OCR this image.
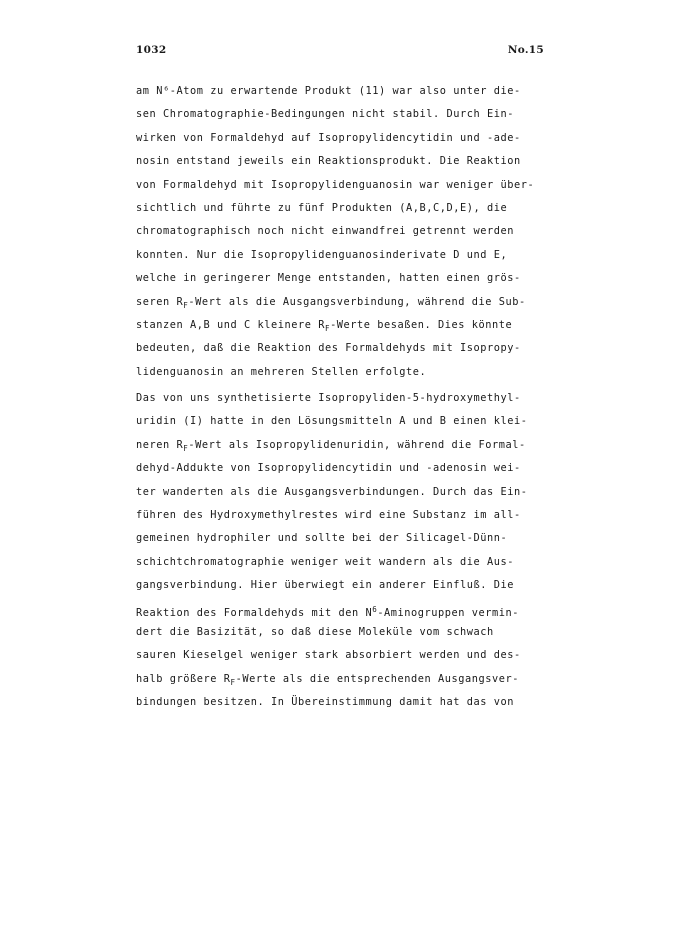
1032	No.15
am N⁶-Atom zu erwartende Produkt (11) war also unter die-
sen Chromatographie-Bedingungen nicht stabil. Durch Ein-
wirken von Formaldehyd auf Isopropylidencytidin und -ade-
nosin entstand jeweils ein Reaktionsprodukt. Die Reaktion
von Formaldehyd mit Isopropylidenguanosin war weniger über-
sichtlich und führte zu fünf Produkten (A,B,C,D,E), die
chromatographisch noch nicht einwandfrei getrennt werden
konnten. Nur die Isopropylidenguanosinderivate D und E,
welche in geringerer Menge entstanden, hatten einen grös-
seren $R_F$-Wert als die Ausgangsverbindung, während die Sub-
stanzen A,B und C kleinere $R_F$-Werte besaßen. Dies könnte
bedeuten, daß die Reaktion des Formaldehyds mit Isopropy-
lidenguanosin an mehreren Stellen erfolgte.
Das von uns synthetisierte Isopropyliden-5-hydroxymethyl-
uridin (I) hatte in den Lösungsmitteln A und B einen klei-
neren $R_F$-Wert als Isopropylidenuridin, während die Formal-
dehyd-Addukte von Isopropylidencytidin und -adenosin wei-
ter wanderten als die Ausgangsverbindungen. Durch das Ein-
führen des Hydroxymethylrestes wird eine Substanz im all-
gemeinen hydrophiler und sollte bei der Silicagel-Dünn-
schichtchromatographie weniger weit wandern als die Aus-
gangsverbindung. Hier überwiegt ein anderer Einfluß. Die
Reaktion des Formaldehyds mit den $N^6$-Aminogruppen vermin-
dert die Basizität, so daß diese Moleküle vom schwach
sauren Kieselgel weniger stark absorbiert werden und des-
halb größere $R_F$-Werte als die entsprechenden Ausgangsver-
bindungen besitzen. In Übereinstimmung damit hat das von
